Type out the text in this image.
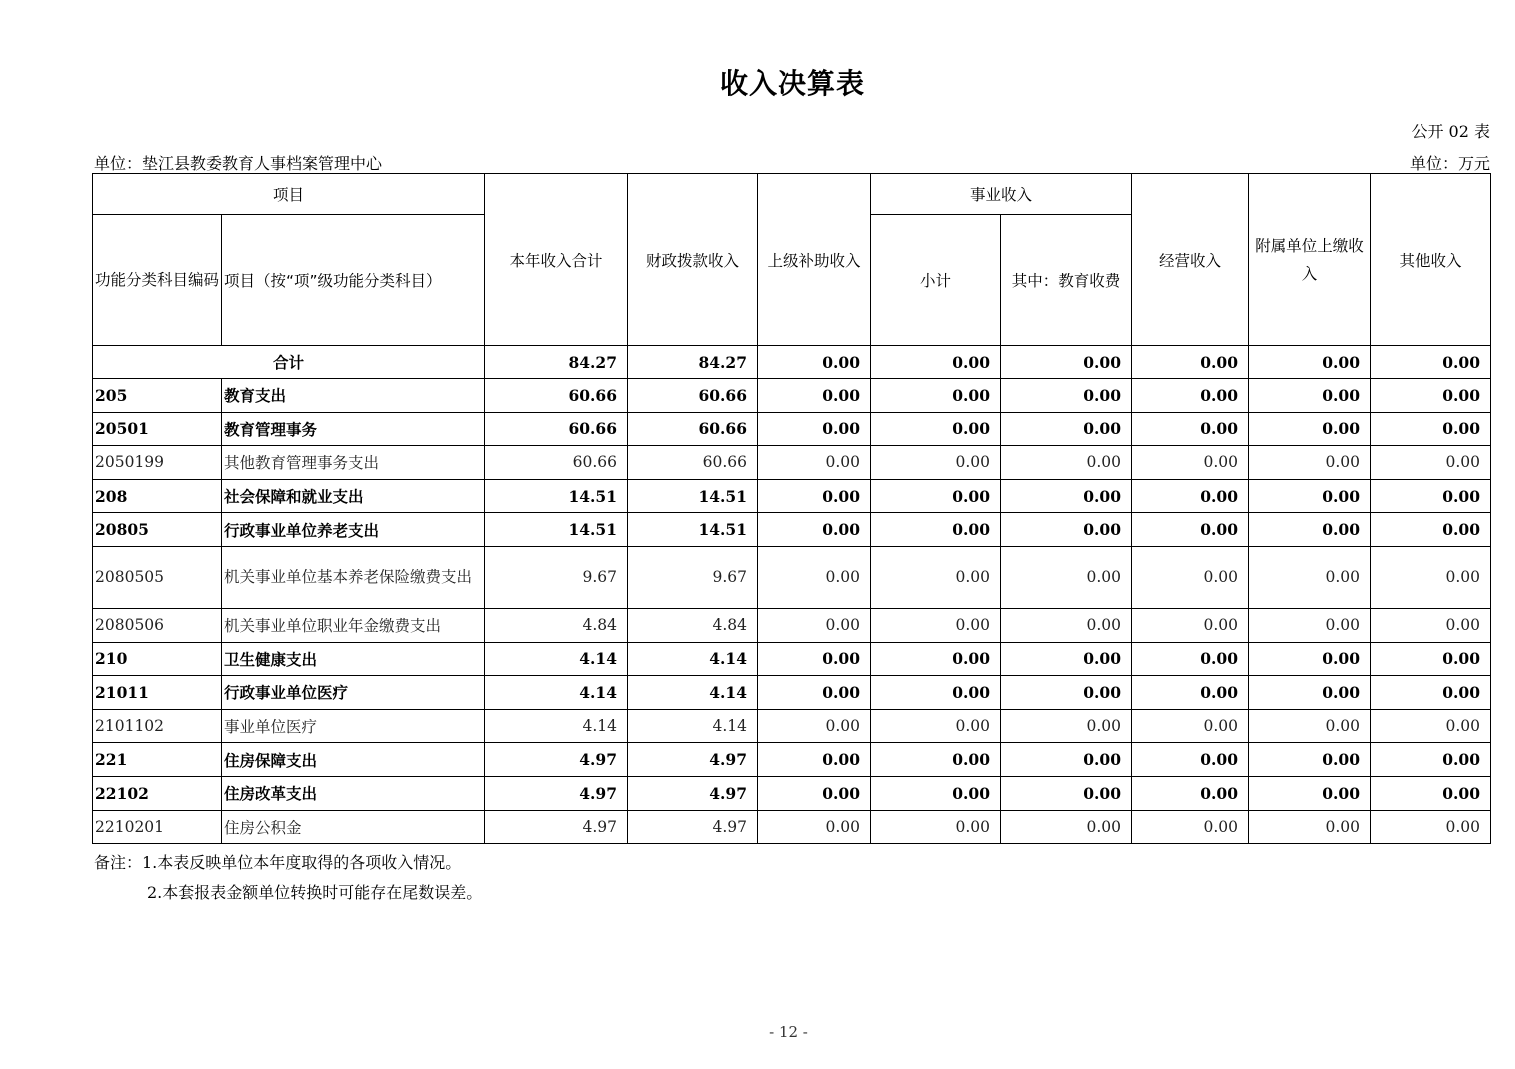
收入决算表
公开 02 表
单位：垫江县教委教育人事档案管理中心	单位：万元
项目		本年收入合计	财政拨款收入	上级补助收入	事业收入		经营收入	附属单位上缴收入	其他收入
功能分类科目编码	项目（按“项”级功能分类科目）				小计	其中：教育收费			
合计		84.27	84.27	0.00	0.00	0.00	0.00	0.00	0.00
205	教育支出	60.66	60.66	0.00	0.00	0.00	0.00	0.00	0.00
20501	教育管理事务	60.66	60.66	0.00	0.00	0.00	0.00	0.00	0.00
2050199	其他教育管理事务支出	60.66	60.66	0.00	0.00	0.00	0.00	0.00	0.00
208	社会保障和就业支出	14.51	14.51	0.00	0.00	0.00	0.00	0.00	0.00
20805	行政事业单位养老支出	14.51	14.51	0.00	0.00	0.00	0.00	0.00	0.00
2080505	机关事业单位基本养老保险缴费支出	9.67	9.67	0.00	0.00	0.00	0.00	0.00	0.00
2080506	机关事业单位职业年金缴费支出	4.84	4.84	0.00	0.00	0.00	0.00	0.00	0.00
210	卫生健康支出	4.14	4.14	0.00	0.00	0.00	0.00	0.00	0.00
21011	行政事业单位医疗	4.14	4.14	0.00	0.00	0.00	0.00	0.00	0.00
2101102	事业单位医疗	4.14	4.14	0.00	0.00	0.00	0.00	0.00	0.00
221	住房保障支出	4.97	4.97	0.00	0.00	0.00	0.00	0.00	0.00
22102	住房改革支出	4.97	4.97	0.00	0.00	0.00	0.00	0.00	0.00
2210201	住房公积金	4.97	4.97	0.00	0.00	0.00	0.00	0.00	0.00
备注：1.本表反映单位本年度取得的各项收入情况。
2.本套报表金额单位转换时可能存在尾数误差。
- 12 -
